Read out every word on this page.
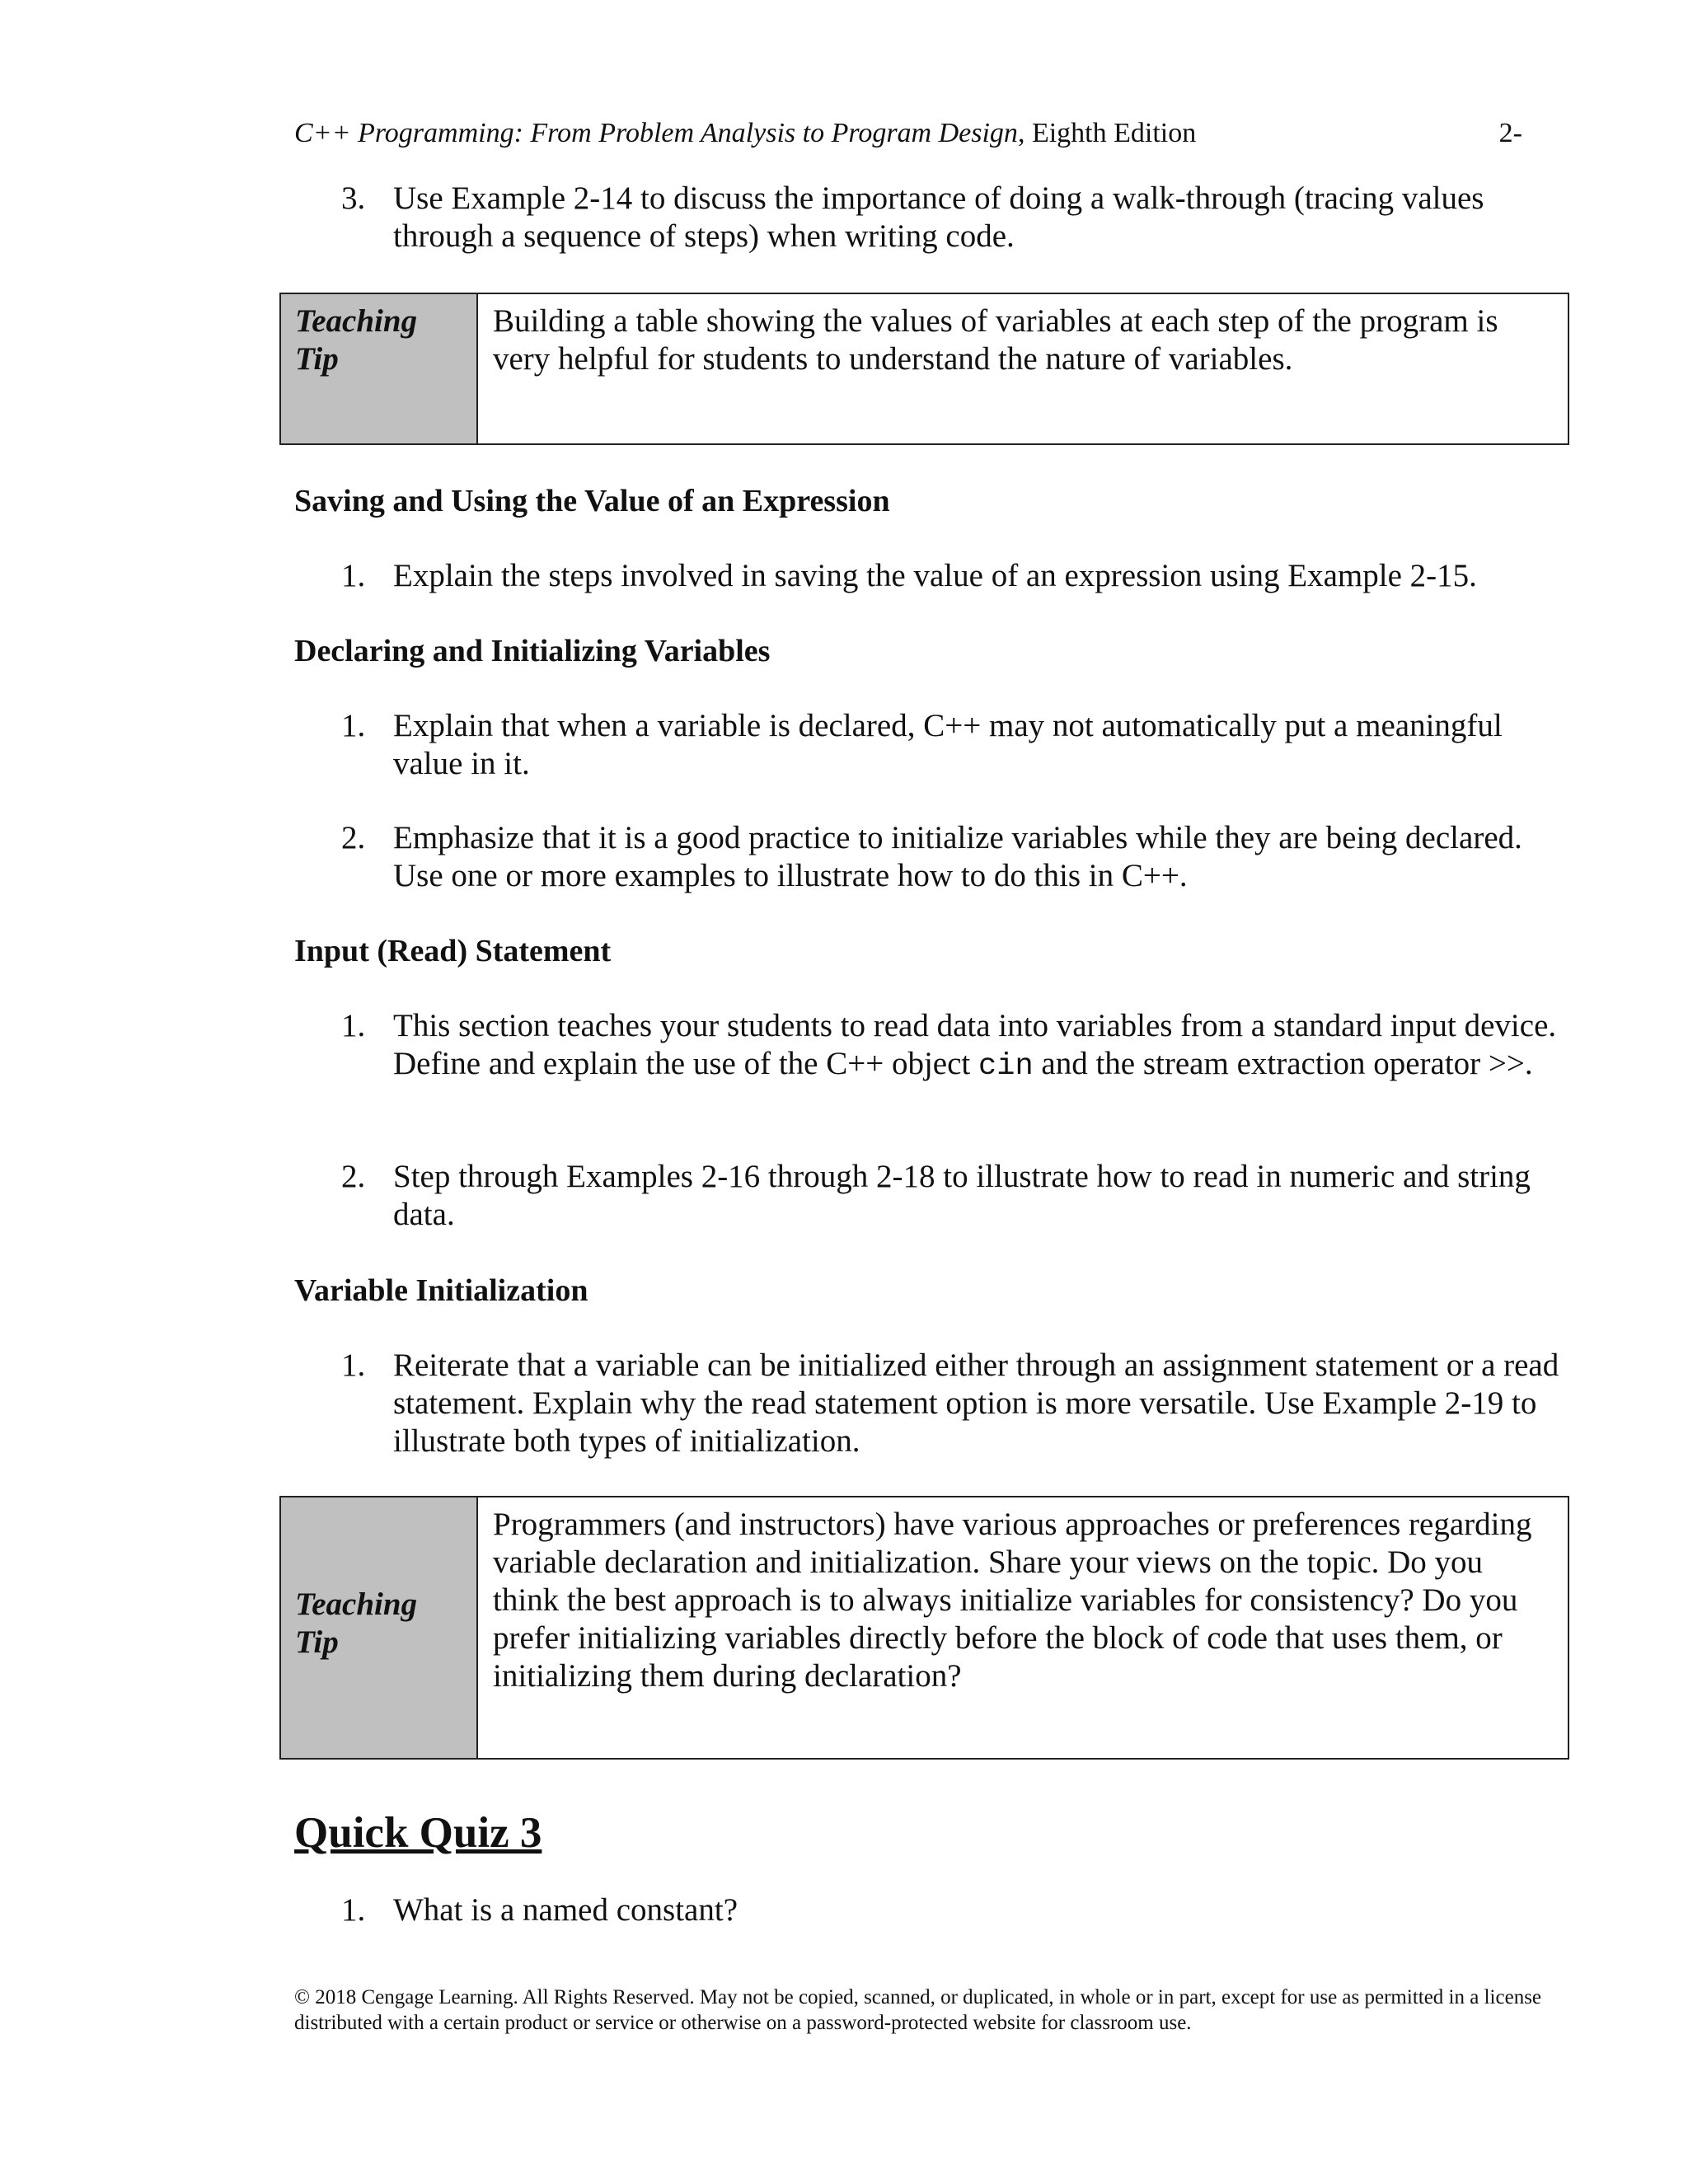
C++ Programming: From Problem Analysis to Program Design, Eighth Edition	2-
3. Use Example 2-14 to discuss the importance of doing a walk-through (tracing values through a sequence of steps) when writing code.
Teaching
Tip
Building a table showing the values of variables at each step of the program is very helpful for students to understand the nature of variables.
Saving and Using the Value of an Expression
1. Explain the steps involved in saving the value of an expression using Example 2-15.
Declaring and Initializing Variables
1. Explain that when a variable is declared, C++ may not automatically put a meaningful value in it.
2. Emphasize that it is a good practice to initialize variables while they are being declared. Use one or more examples to illustrate how to do this in C++.
Input (Read) Statement
1. This section teaches your students to read data into variables from a standard input device. Define and explain the use of the C++ object cin and the stream extraction operator >>.
2. Step through Examples 2-16 through 2-18 to illustrate how to read in numeric and string data.
Variable Initialization
1. Reiterate that a variable can be initialized either through an assignment statement or a read statement. Explain why the read statement option is more versatile. Use Example 2-19 to illustrate both types of initialization.
Teaching
Tip
Programmers (and instructors) have various approaches or preferences regarding variable declaration and initialization. Share your views on the topic. Do you think the best approach is to always initialize variables for consistency? Do you prefer initializing variables directly before the block of code that uses them, or initializing them during declaration?
Quick Quiz 3
1. What is a named constant?
© 2018 Cengage Learning. All Rights Reserved. May not be copied, scanned, or duplicated, in whole or in part, except for use as permitted in a license distributed with a certain product or service or otherwise on a password-protected website for classroom use.
